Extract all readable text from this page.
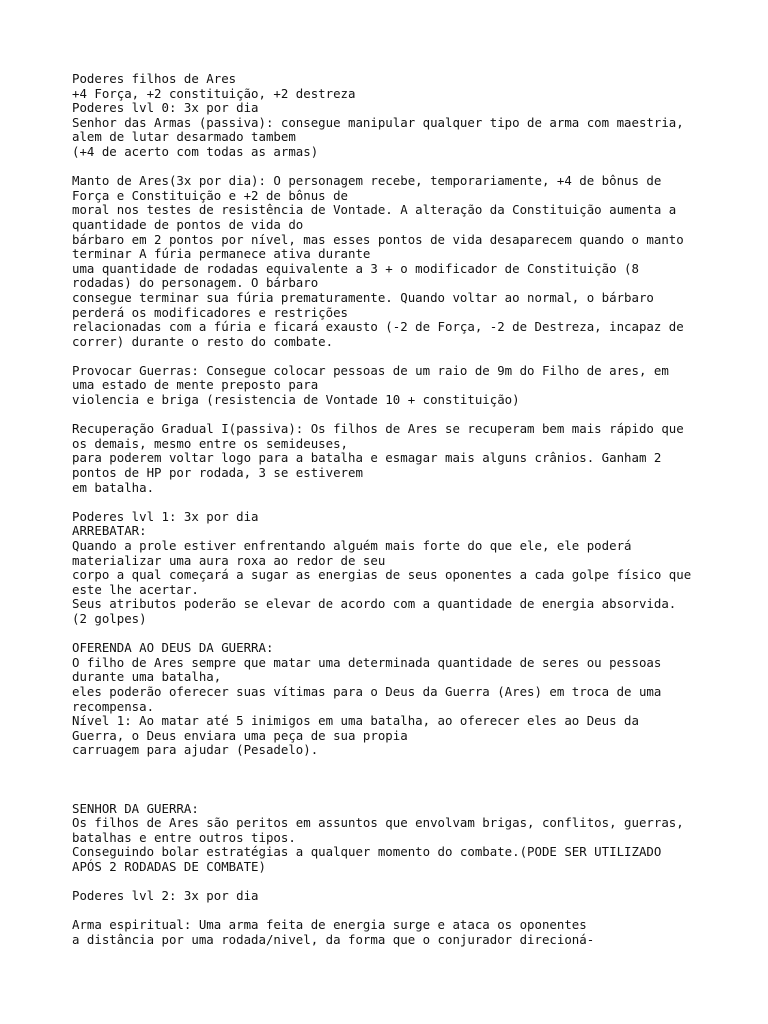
Poderes filhos de Ares
+4 Força, +2 constituição, +2 destreza
Poderes lvl 0: 3x por dia
Senhor das Armas (passiva): consegue manipular qualquer tipo de arma com maestria,
alem de lutar desarmado tambem
(+4 de acerto com todas as armas)
Manto de Ares(3x por dia): O personagem recebe, temporariamente, +4 de bônus de
Força e Constituição e +2 de bônus de
moral nos testes de resistência de Vontade. A alteração da Constituição aumenta a
quantidade de pontos de vida do
bárbaro em 2 pontos por nível, mas esses pontos de vida desaparecem quando o manto
terminar A fúria permanece ativa durante
uma quantidade de rodadas equivalente a 3 + o modificador de Constituição (8
rodadas) do personagem. O bárbaro
consegue terminar sua fúria prematuramente. Quando voltar ao normal, o bárbaro
perderá os modificadores e restrições
relacionadas com a fúria e ficará exausto (-2 de Força, -2 de Destreza, incapaz de
correr) durante o resto do combate.
Provocar Guerras: Consegue colocar pessoas de um raio de 9m do Filho de ares, em
uma estado de mente preposto para
violencia e briga (resistencia de Vontade 10 + constituição)
Recuperação Gradual I(passiva): Os filhos de Ares se recuperam bem mais rápido que
os demais, mesmo entre os semideuses,
para poderem voltar logo para a batalha e esmagar mais alguns crânios. Ganham 2
pontos de HP por rodada, 3 se estiverem
em batalha.
Poderes lvl 1: 3x por dia
ARREBATAR:
Quando a prole estiver enfrentando alguém mais forte do que ele, ele poderá
materializar uma aura roxa ao redor de seu
corpo a qual começará a sugar as energias de seus oponentes a cada golpe físico que
este lhe acertar.
Seus atributos poderão se elevar de acordo com a quantidade de energia absorvida.
(2 golpes)
OFERENDA AO DEUS DA GUERRA:
O filho de Ares sempre que matar uma determinada quantidade de seres ou pessoas
durante uma batalha,
eles poderão oferecer suas vítimas para o Deus da Guerra (Ares) em troca de uma
recompensa.
Nível 1: Ao matar até 5 inimigos em uma batalha, ao oferecer eles ao Deus da
Guerra, o Deus enviara uma peça de sua propia
carruagem para ajudar (Pesadelo).
SENHOR DA GUERRA:
Os filhos de Ares são peritos em assuntos que envolvam brigas, conflitos, guerras,
batalhas e entre outros tipos.
Conseguindo bolar estratégias a qualquer momento do combate.(PODE SER UTILIZADO
APÓS 2 RODADAS DE COMBATE)
Poderes lvl 2: 3x por dia
Arma espiritual: Uma arma feita de energia surge e ataca os oponentes
a distância por uma rodada/nivel, da forma que o conjurador direcioná-
